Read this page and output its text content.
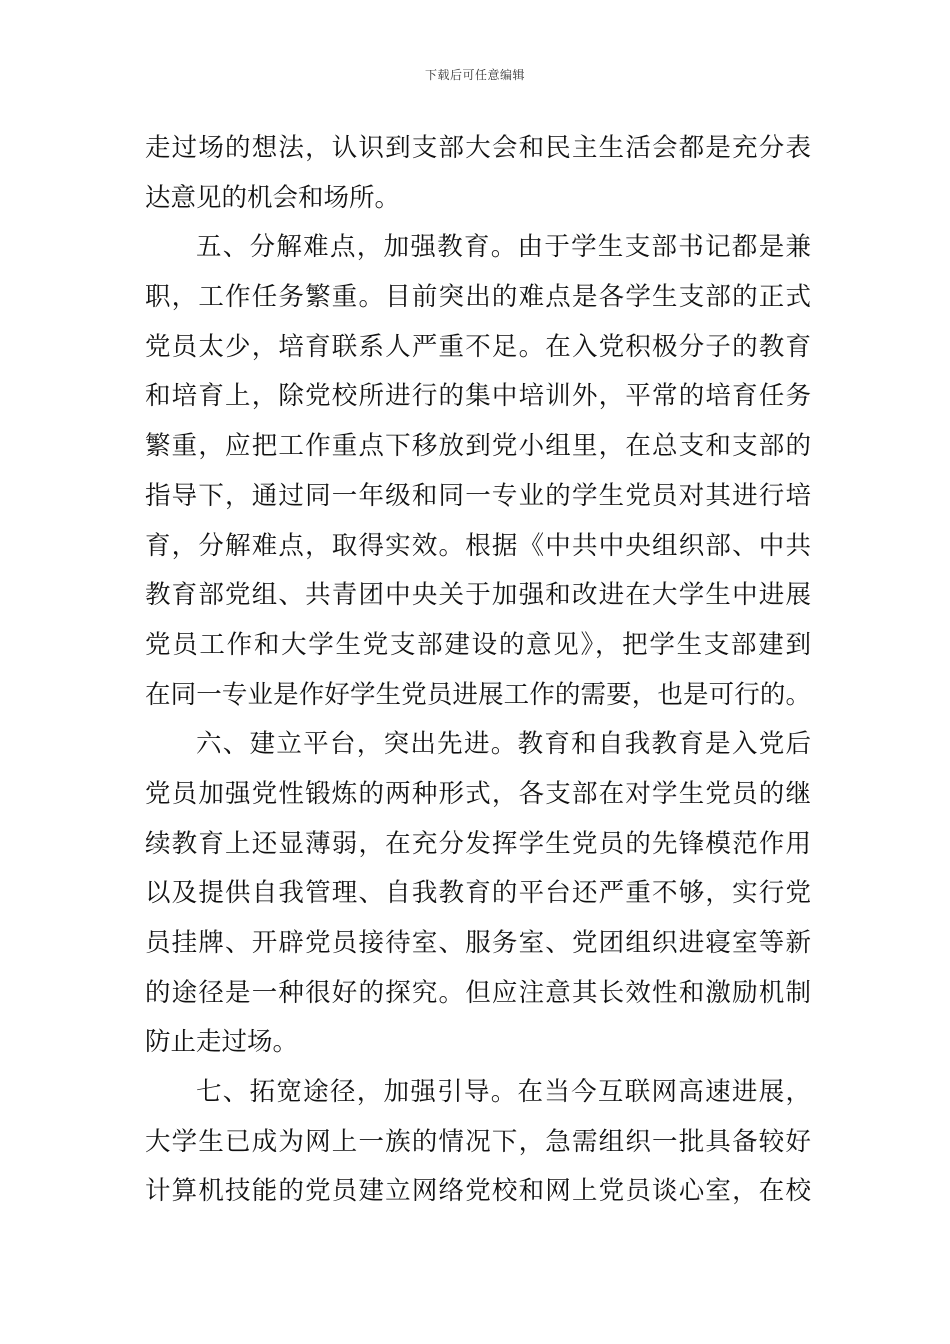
下载后可任意编辑
走过场的想法，认识到支部大会和民主生活会都是充分表
达意见的机会和场所。
五、分解难点，加强教育。由于学生支部书记都是兼
职，工作任务繁重。目前突出的难点是各学生支部的正式
党员太少，培育联系人严重不足。在入党积极分子的教育
和培育上，除党校所进行的集中培训外，平常的培育任务
繁重，应把工作重点下移放到党小组里，在总支和支部的
指导下，通过同一年级和同一专业的学生党员对其进行培
育，分解难点，取得实效。根据《中共中央组织部、中共
教育部党组、共青团中央关于加强和改进在大学生中进展
党员工作和大学生党支部建设的意见》，把学生支部建到
在同一专业是作好学生党员进展工作的需要，也是可行的。
六、建立平台，突出先进。教育和自我教育是入党后
党员加强党性锻炼的两种形式，各支部在对学生党员的继
续教育上还显薄弱，在充分发挥学生党员的先锋模范作用
以及提供自我管理、自我教育的平台还严重不够，实行党
员挂牌、开辟党员接待室、服务室、党团组织进寝室等新
的途径是一种很好的探究。但应注意其长效性和激励机制
防止走过场。
七、拓宽途径，加强引导。在当今互联网高速进展，
大学生已成为网上一族的情况下，急需组织一批具备较好
计算机技能的党员建立网络党校和网上党员谈心室，在校
